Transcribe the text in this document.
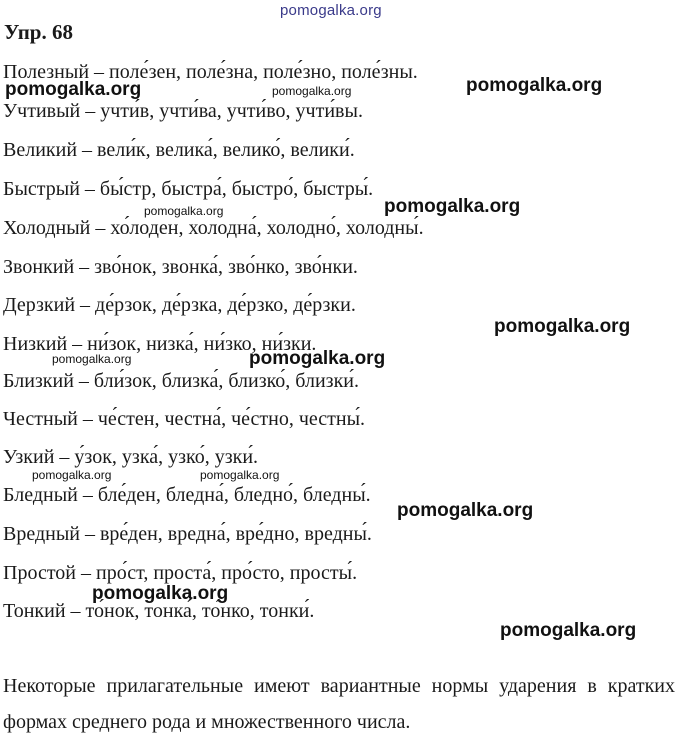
pomogalka.org
Упр. 68
Полезный – поле́зен, поле́зна, поле́зно, поле́зны.
Учтивый – учти́в, учти́ва, учти́во, учти́вы.
Великий – вели́к, велика́, велико́, велики́.
Быстрый – бы́стр, быстра́, быстро́, быстры́.
Холодный – хо́лоден, холодна́, холодно́, холодны́.
Звонкий – зво́нок, звонка́, зво́нко, зво́нки.
Дерзкий – де́рзок, де́рзка, де́рзко, де́рзки.
Низкий – ни́зок, низка́, ни́зко, ни́зки.
Близкий – бли́зок, близка́, близко́, близки́.
Честный – че́стен, честна́, че́стно, честны́.
Узкий – у́зок, узка́, узко́, узки́.
Бледный – бле́ден, бледна́, бледно́, бледны́.
Вредный – вре́ден, вредна́, вре́дно, вредны́.
Простой – про́ст, проста́, про́сто, просты́.
Тонкий – то́нок, тонка́, то́нко, тонки́.
Некоторые прилагательные имеют вариантные нормы ударения в кратких формах среднего рода и множественного числа.
pomogalka.org	pomogalka.org	pomogalka.org
pomogalka.org	pomogalka.org
pomogalka.org
pomogalka.org	pomogalka.org
pomogalka.org	pomogalka.org
pomogalka.org
pomogalka.org
pomogalka.org
